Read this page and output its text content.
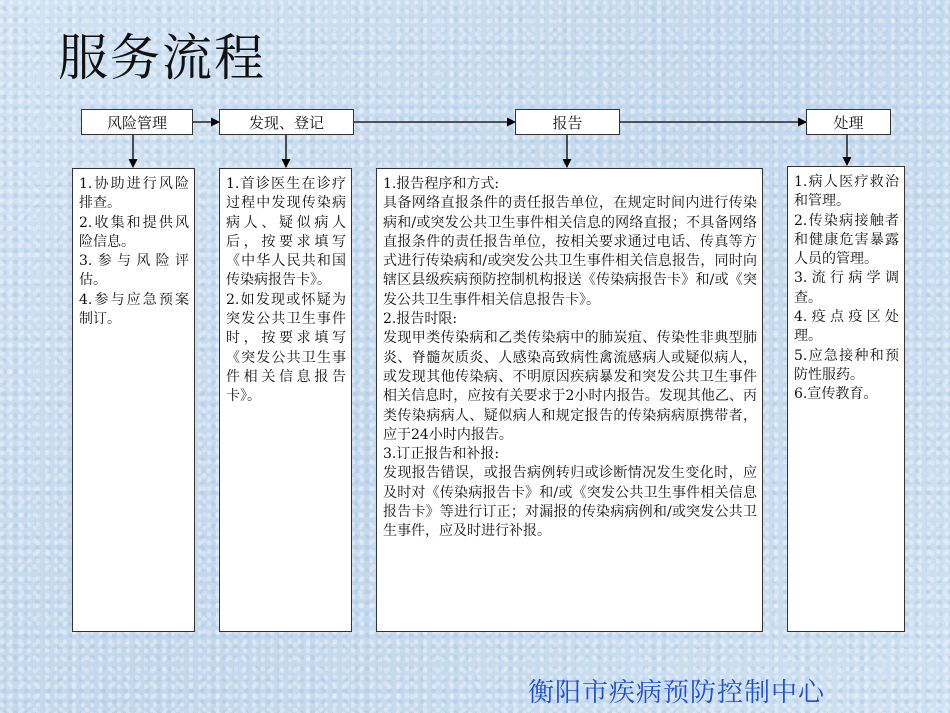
服务流程
风险管理	发现、登记	报告	处理
1.协助进行风险排查。
2.收集和提供风险信息。
3.参与风险评估。
4.参与应急预案制订。
1.首诊医生在诊疗过程中发现传染病病人、疑似病人后，按要求填写《中华人民共和国传染病报告卡》。
2.如发现或怀疑为突发公共卫生事件时，按要求填写《突发公共卫生事件相关信息报告卡》。
1.报告程序和方式:
具备网络直报条件的责任报告单位，在规定时间内进行传染病和/或突发公共卫生事件相关信息的网络直报；不具备网络直报条件的责任报告单位，按相关要求通过电话、传真等方式进行传染病和/或突发公共卫生事件相关信息报告，同时向辖区县级疾病预防控制机构报送《传染病报告卡》和/或《突发公共卫生事件相关信息报告卡》。
2.报告时限:
发现甲类传染病和乙类传染病中的肺炭疽、传染性非典型肺炎、脊髓灰质炎、人感染高致病性禽流感病人或疑似病人，或发现其他传染病、不明原因疾病暴发和突发公共卫生事件相关信息时，应按有关要求于2小时内报告。发现其他乙、丙类传染病病人、疑似病人和规定报告的传染病病原携带者，应于24小时内报告。
3.订正报告和补报:
发现报告错误，或报告病例转归或诊断情况发生变化时，应及时对《传染病报告卡》和/或《突发公共卫生事件相关信息报告卡》等进行订正；对漏报的传染病病例和/或突发公共卫生事件，应及时进行补报。
1.病人医疗救治和管理。
2.传染病接触者和健康危害暴露人员的管理。
3.流行病学调查。
4.疫点疫区处理。
5.应急接种和预防性服药。
6.宣传教育。
衡阳市疾病预防控制中心
